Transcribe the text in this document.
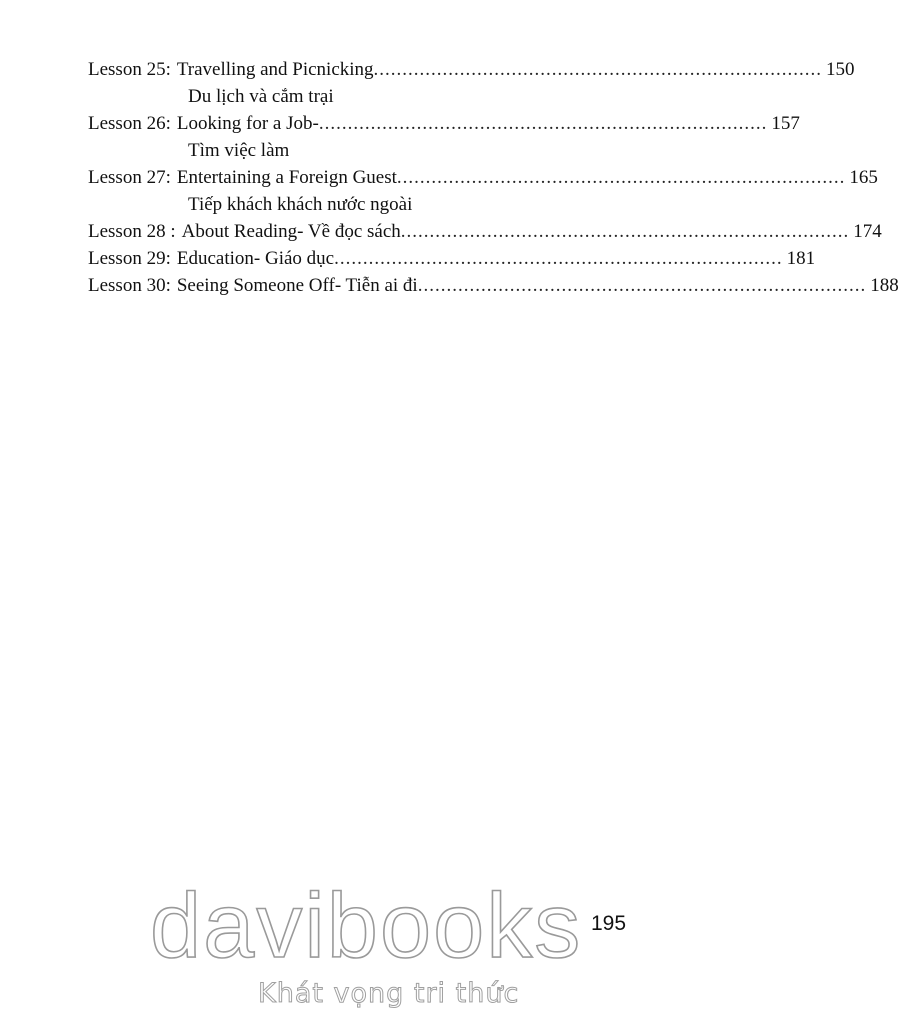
Lesson 25: Travelling and Picnicking .............................................................................. 150
Du lịch và cắm trại
Lesson 26: Looking for a Job- .............................................................................. 157
Tìm việc làm
Lesson 27: Entertaining a Foreign Guest .............................................................................. 165
Tiếp khách khách nước ngoài
Lesson 28 : About Reading- Về đọc sách .............................................................................. 174
Lesson 29: Education- Giáo dục .............................................................................. 181
Lesson 30: Seeing Someone Off- Tiễn ai đi .............................................................................. 188
195
davibooks
Khát vọng tri thức
